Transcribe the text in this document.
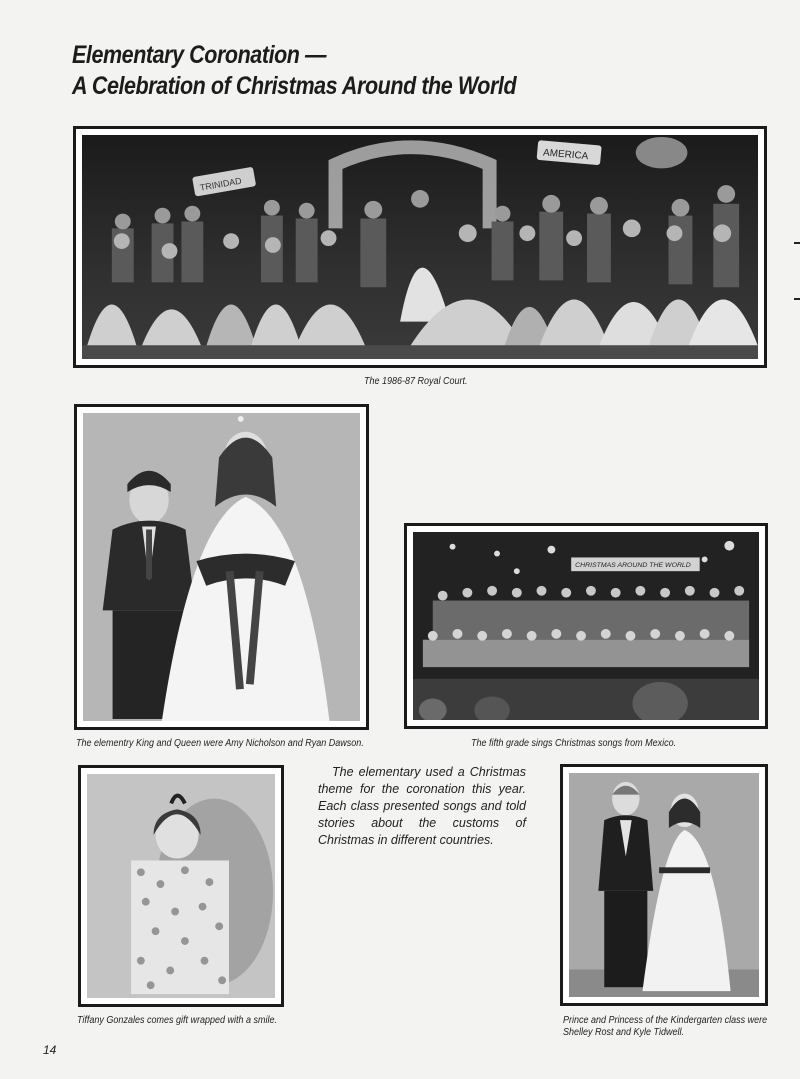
Elementary Coronation —
A Celebration of Christmas Around the World
TRINIDAD
AMERICA
The 1986-87 Royal Court.
The elementry King and Queen were Amy Nicholson and Ryan Dawson.
CHRISTMAS AROUND THE WORLD
The fifth grade sings Christmas songs from Mexico.
The elementary used a Christmas theme for the coronation this year. Each class presented songs and told stories about the customs of Christmas in different countries.
Tiffany Gonzales comes gift wrapped with a smile.	Prince and Princess of the Kindergarten class were Shelley Rost and Kyle Tidwell.
14
